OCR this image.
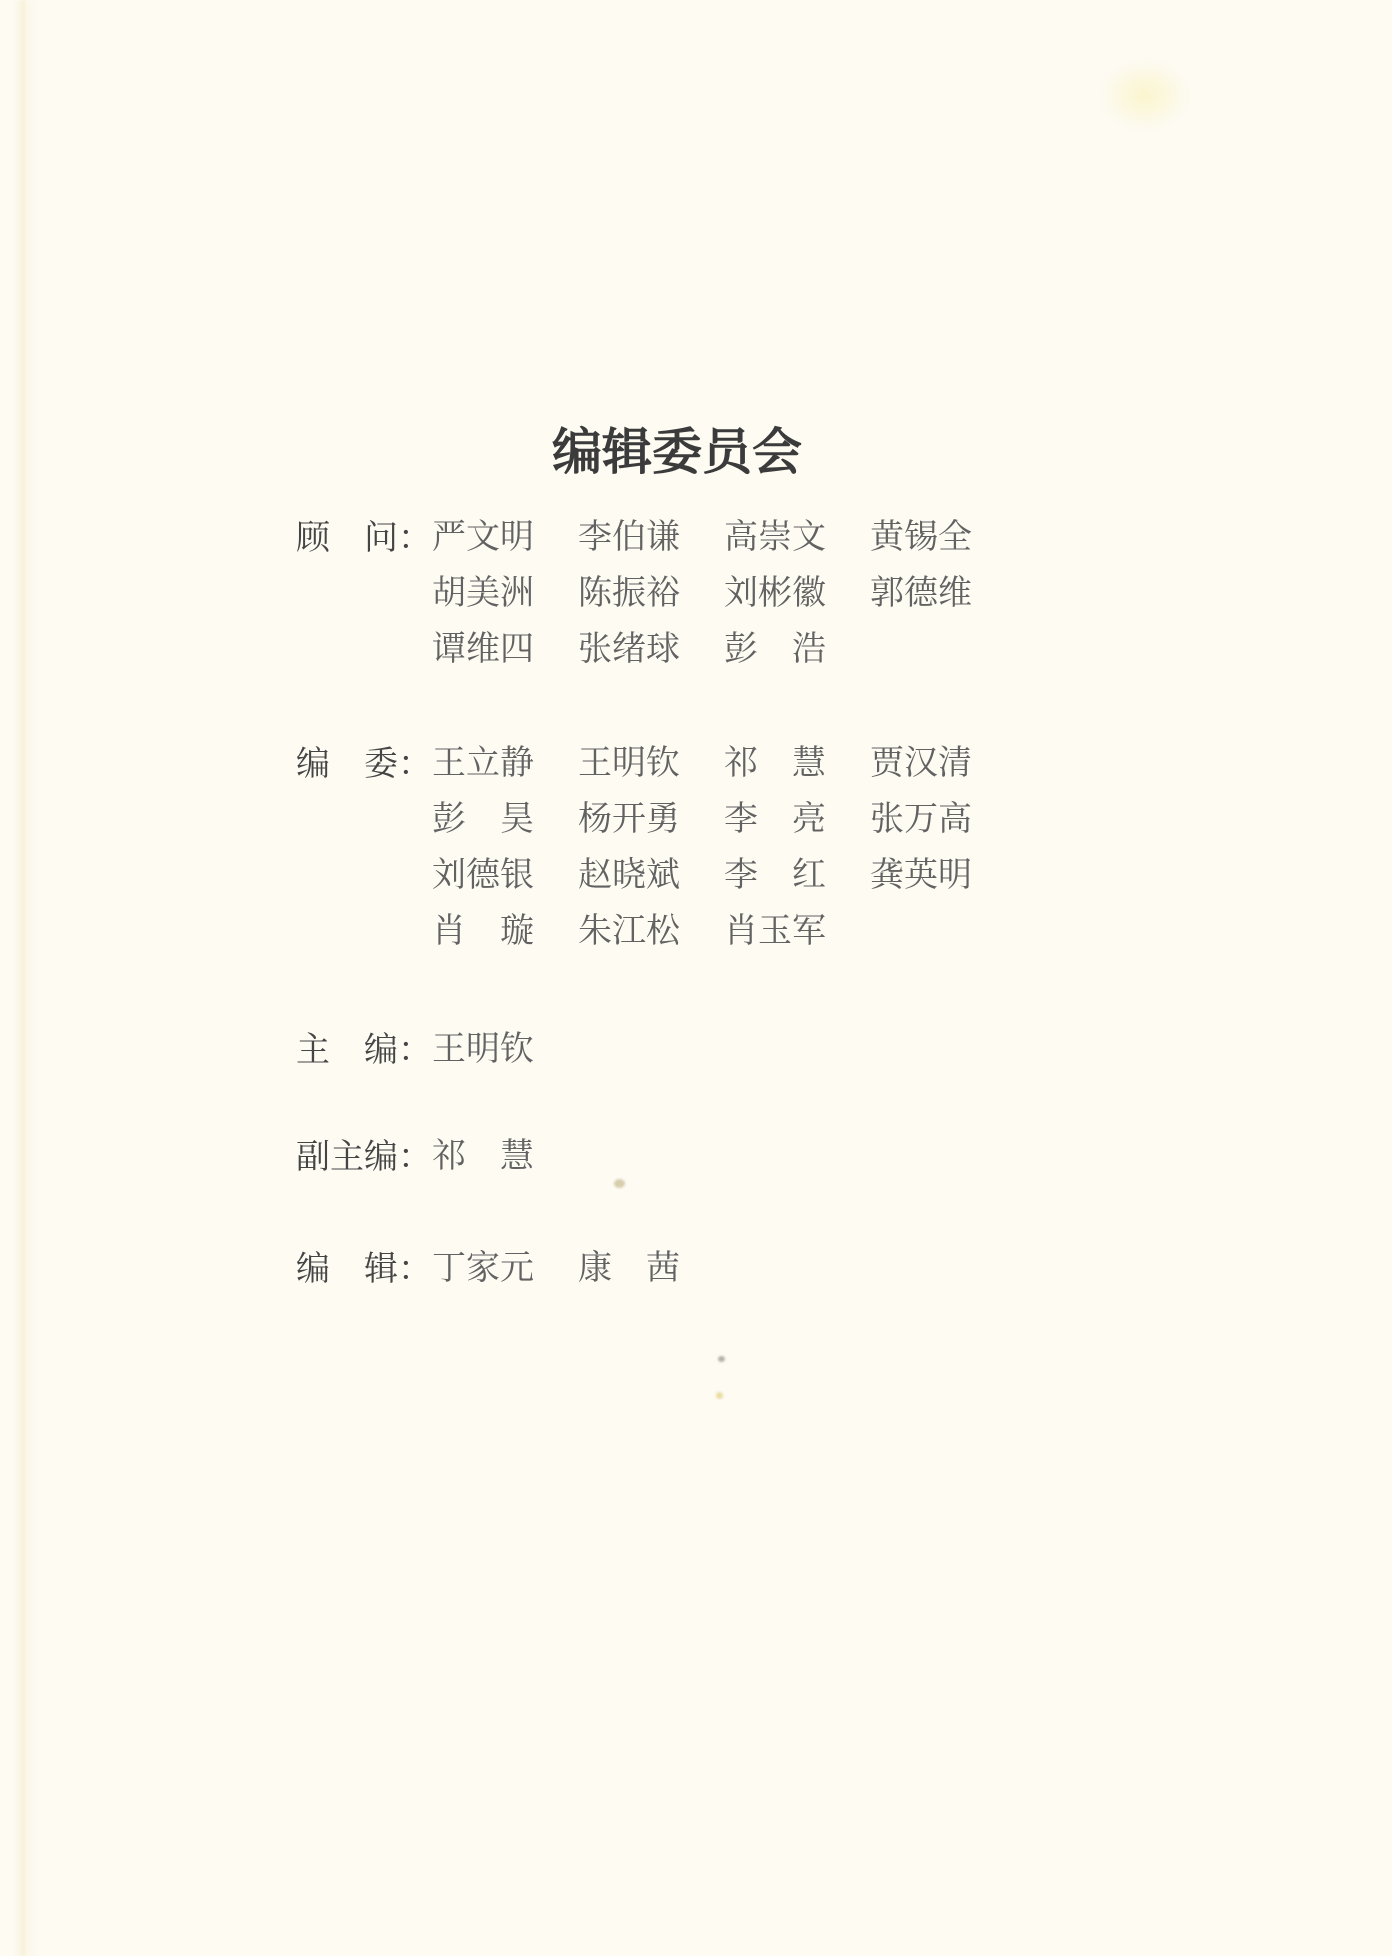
编辑委员会
顾　问： 严文明 李伯谦 高崇文 黄锡全
胡美洲 陈振裕 刘彬徽 郭德维
谭维四 张绪球 彭　浩
编　委： 王立静 王明钦 祁　慧 贾汉清
彭　昊 杨开勇 李　亮 张万高
刘德银 赵晓斌 李　红 龚英明
肖　璇 朱江松 肖玉军
主　编： 王明钦
副主编： 祁　慧
编　辑： 丁家元 康　茜
